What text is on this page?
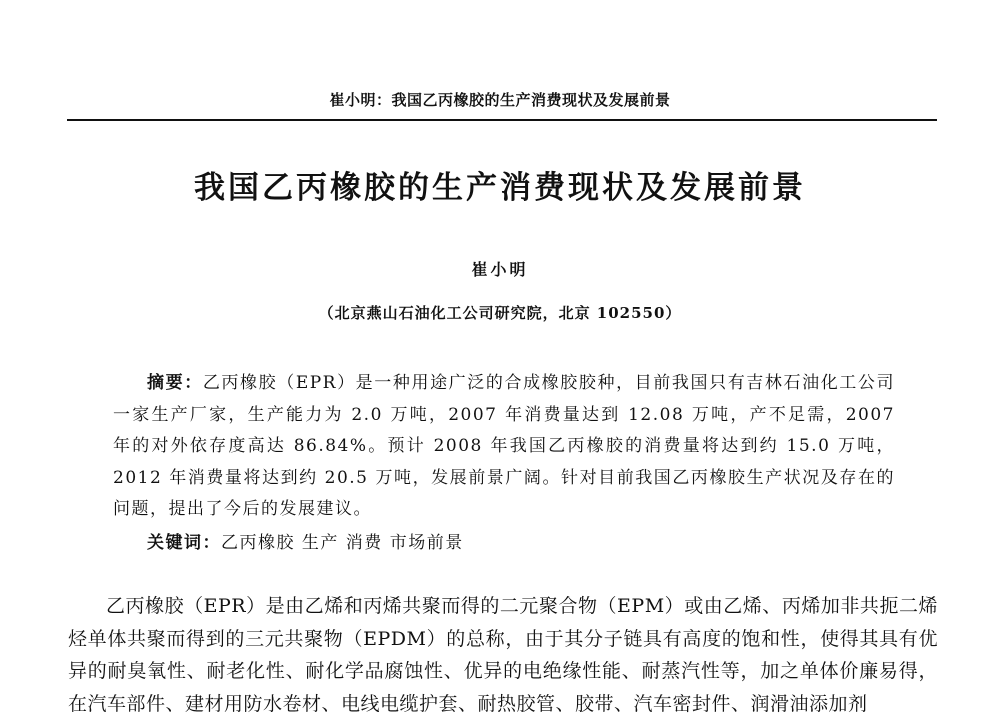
崔小明：我国乙丙橡胶的生产消费现状及发展前景
我国乙丙橡胶的生产消费现状及发展前景
崔小明
（北京燕山石油化工公司研究院，北京 102550）
摘要：乙丙橡胶（EPR）是一种用途广泛的合成橡胶胶种，目前我国只有吉林石油化工公司一家生产厂家，生产能力为 2.0 万吨，2007 年消费量达到 12.08 万吨，产不足需，2007 年的对外依存度高达 86.84%。预计 2008 年我国乙丙橡胶的消费量将达到约 15.0 万吨，2012 年消费量将达到约 20.5 万吨，发展前景广阔。针对目前我国乙丙橡胶生产状况及存在的问题，提出了今后的发展建议。
关键词：乙丙橡胶 生产 消费 市场前景

乙丙橡胶（EPR）是由乙烯和丙烯共聚而得的二元聚合物（EPM）或由乙烯、丙烯加非共扼二烯烃单体共聚而得到的三元共聚物（EPDM）的总称，由于其分子链具有高度的饱和性，使得其具有优异的耐臭氧性、耐老化性、耐化学品腐蚀性、优异的电绝缘性能、耐蒸汽性等，加之单体价廉易得，在汽车部件、建材用防水卷材、电线电缆护套、耐热胶管、胶带、汽车密封件、润滑油添加剂
